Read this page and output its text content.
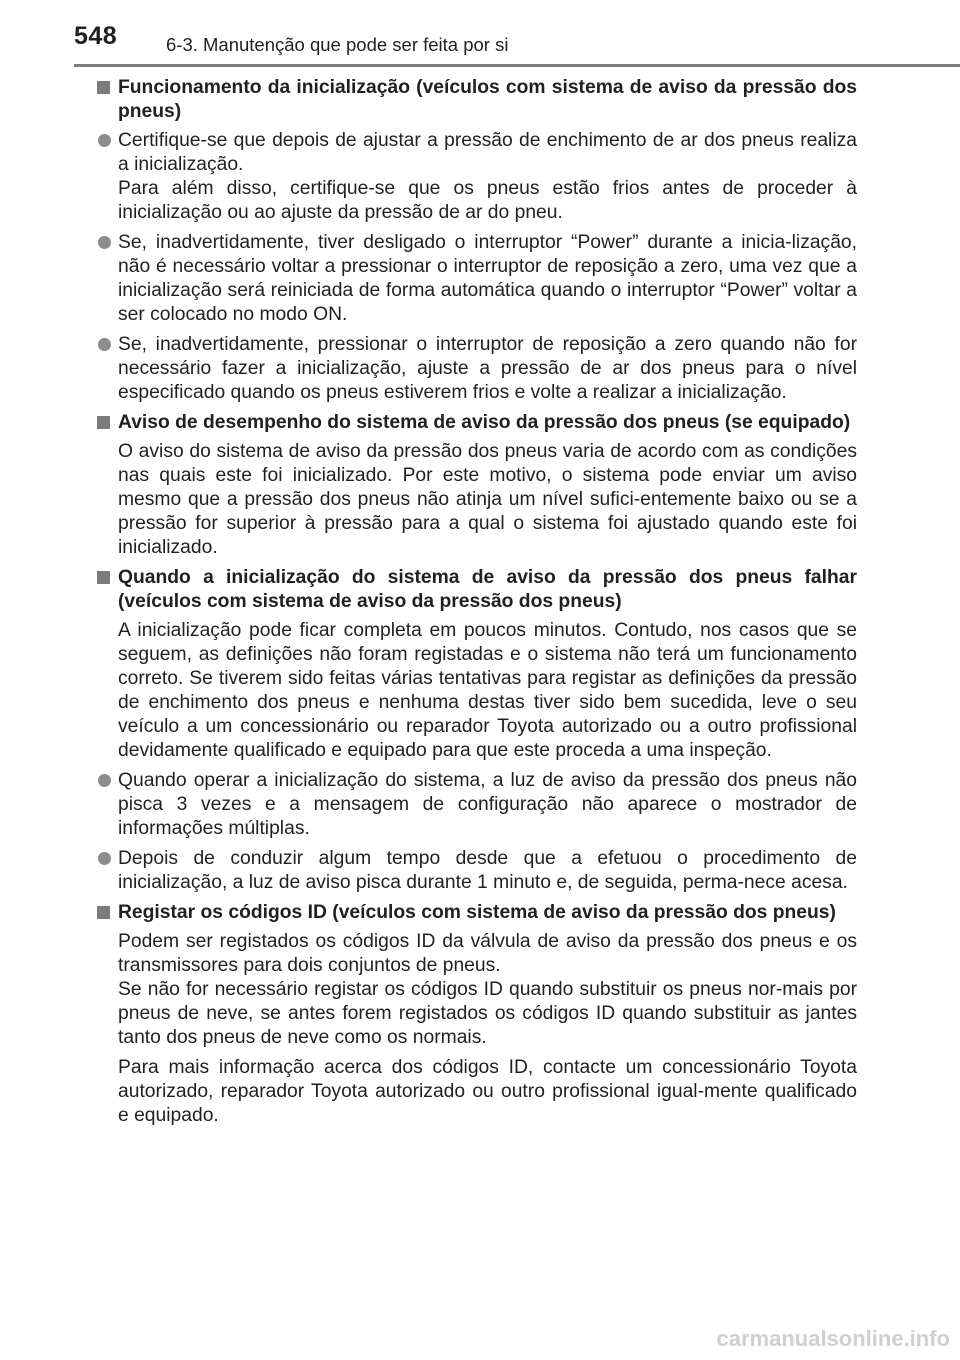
548	6-3. Manutenção que pode ser feita por si
Funcionamento da inicialização (veículos com sistema de aviso da pressão dos pneus)
Certifique-se que depois de ajustar a pressão de enchimento de ar dos pneus realiza a inicialização.
Para além disso, certifique-se que os pneus estão frios antes de proceder à inicialização ou ao ajuste da pressão de ar do pneu.
Se, inadvertidamente, tiver desligado o interruptor “Power” durante a inicia-lização, não é necessário voltar a pressionar o interruptor de reposição a zero, uma vez que a inicialização será reiniciada de forma automática quando o interruptor “Power” voltar a ser colocado no modo ON.
Se, inadvertidamente, pressionar o interruptor de reposição a zero quando não for necessário fazer a inicialização, ajuste a pressão de ar dos pneus para o nível especificado quando os pneus estiverem frios e volte a realizar a inicialização.
Aviso de desempenho do sistema de aviso da pressão dos pneus (se equipado)
O aviso do sistema de aviso da pressão dos pneus varia de acordo com as condições nas quais este foi inicializado. Por este motivo, o sistema pode enviar um aviso mesmo que a pressão dos pneus não atinja um nível sufici-entemente baixo ou se a pressão for superior à pressão para a qual o sistema foi ajustado quando este foi inicializado.
Quando a inicialização do sistema de aviso da pressão dos pneus falhar (veículos com sistema de aviso da pressão dos pneus)
A inicialização pode ficar completa em poucos minutos. Contudo, nos casos que se seguem, as definições não foram registadas e o sistema não terá um funcionamento correto. Se tiverem sido feitas várias tentativas para registar as definições da pressão de enchimento dos pneus e nenhuma destas tiver sido bem sucedida, leve o seu veículo a um concessionário ou reparador Toyota autorizado ou a outro profissional devidamente qualificado e equipado para que este proceda a uma inspeção.
Quando operar a inicialização do sistema, a luz de aviso da pressão dos pneus não pisca 3 vezes e a mensagem de configuração não aparece o mostrador de informações múltiplas.
Depois de conduzir algum tempo desde que a efetuou o procedimento de inicialização, a luz de aviso pisca durante 1 minuto e, de seguida, perma-nece acesa.
Registar os códigos ID (veículos com sistema de aviso da pressão dos pneus)
Podem ser registados os códigos ID da válvula de aviso da pressão dos pneus e os transmissores para dois conjuntos de pneus.
Se não for necessário registar os códigos ID quando substituir os pneus nor-mais por pneus de neve, se antes forem registados os códigos ID quando substituir as jantes tanto dos pneus de neve como os normais.
Para mais informação acerca dos códigos ID, contacte um concessionário Toyota autorizado, reparador Toyota autorizado ou outro profissional igual-mente qualificado e equipado.
carmanualsonline.info
